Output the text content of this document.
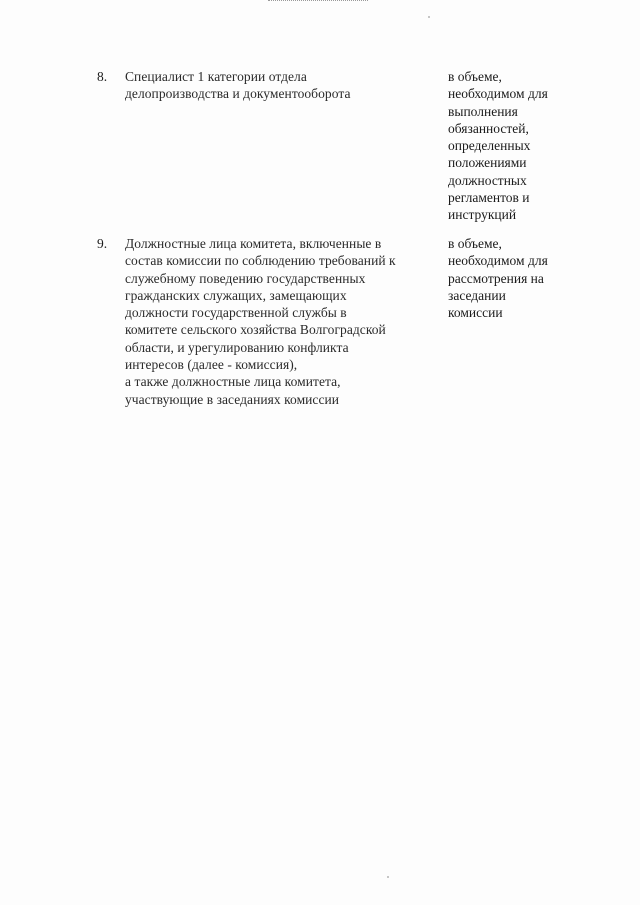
8. Специалист 1 категории отдела
делопроизводства и документооборота
в объеме,
необходимом для
выполнения
обязанностей,
определенных
положениями
должностных
регламентов и
инструкций
9. Должностные лица комитета, включенные в
состав комиссии по соблюдению требований к
служебному поведению государственных
гражданских служащих, замещающих
должности государственной службы в
комитете сельского хозяйства Волгоградской
области, и урегулированию конфликта
интересов (далее - комиссия),
а также должностные лица комитета,
участвующие в заседаниях комиссии
в объеме,
необходимом для
рассмотрения на
заседании
комиссии
